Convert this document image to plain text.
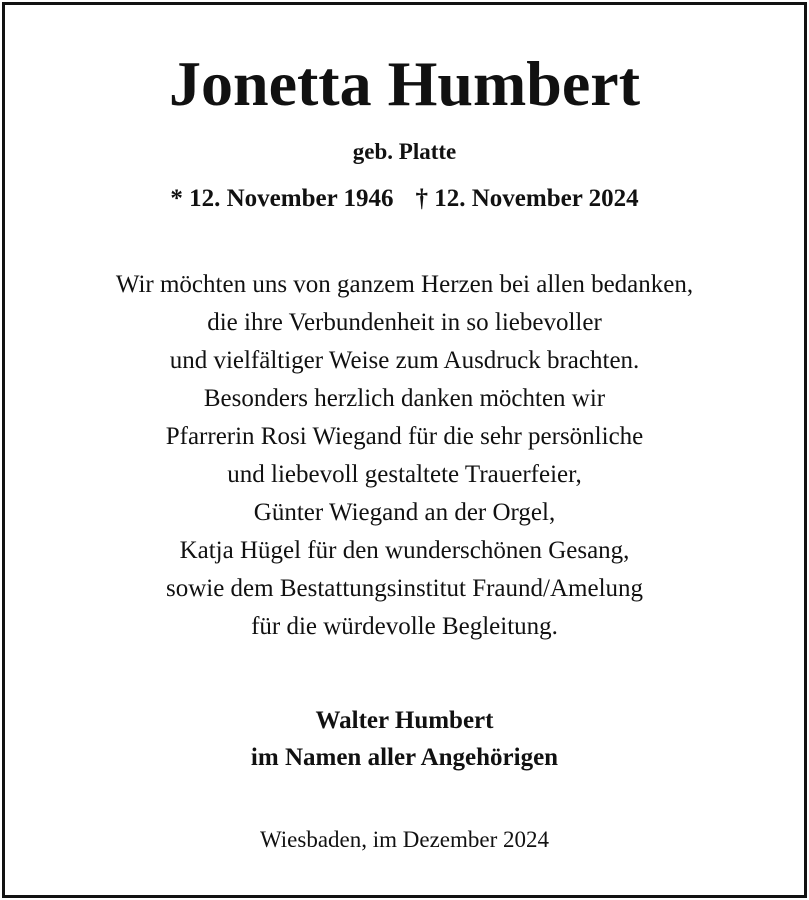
Jonetta Humbert
geb. Platte
* 12. November 1946 † 12. November 2024
Wir möchten uns von ganzem Herzen bei allen bedanken,
die ihre Verbundenheit in so liebevoller
und vielfältiger Weise zum Ausdruck brachten.
Besonders herzlich danken möchten wir
Pfarrerin Rosi Wiegand für die sehr persönliche
und liebevoll gestaltete Trauerfeier,
Günter Wiegand an der Orgel,
Katja Hügel für den wunderschönen Gesang,
sowie dem Bestattungsinstitut Fraund/Amelung
für die würdevolle Begleitung.
Walter Humbert
im Namen aller Angehörigen
Wiesbaden, im Dezember 2024
